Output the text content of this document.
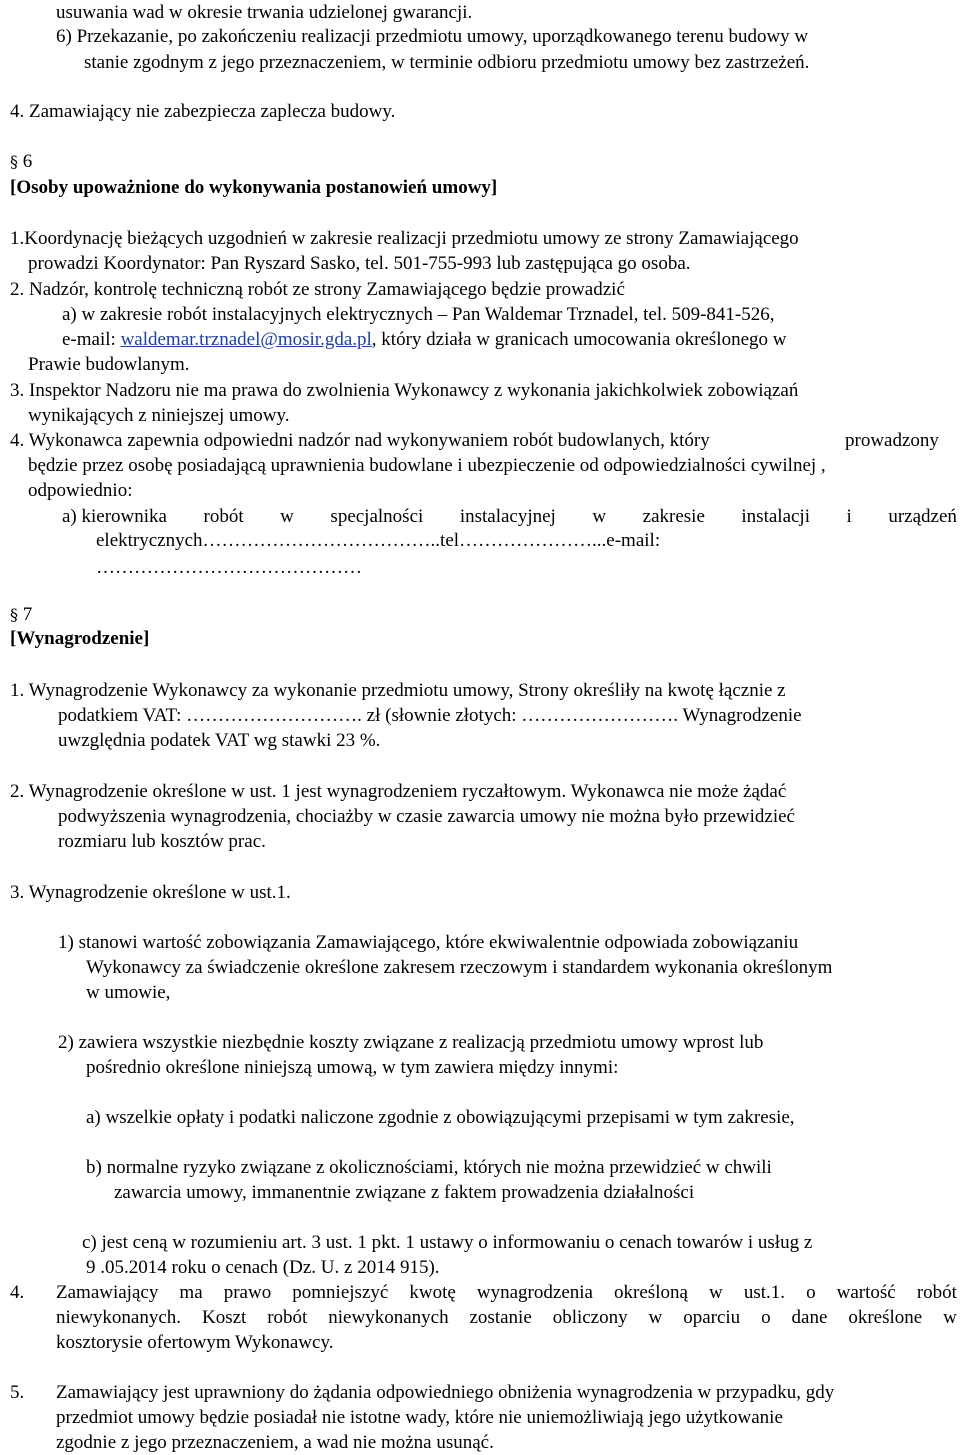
usuwania wad w okresie trwania udzielonej gwarancji.
6) Przekazanie, po zakończeniu realizacji przedmiotu umowy, uporządkowanego terenu budowy w
stanie zgodnym z jego przeznaczeniem, w terminie odbioru przedmiotu umowy bez zastrzeżeń.
4. Zamawiający nie zabezpiecza zaplecza budowy.
§ 6
[Osoby upoważnione do wykonywania postanowień umowy]
1.Koordynację bieżących uzgodnień w zakresie realizacji przedmiotu umowy ze strony Zamawiającego
prowadzi Koordynator: Pan Ryszard Sasko, tel. 501-755-993 lub zastępująca go osoba.
2. Nadzór, kontrolę techniczną robót ze strony Zamawiającego będzie prowadzić
a) w zakresie robót instalacyjnych elektrycznych – Pan Waldemar Trznadel, tel. 509-841-526,
e-mail: waldemar.trznadel@mosir.gda.pl, który działa w granicach umocowania określonego w
Prawie budowlanym.
3. Inspektor Nadzoru nie ma prawa do zwolnienia Wykonawcy z wykonania jakichkolwiek zobowiązań
wynikających z niniejszej umowy.
4. Wykonawca zapewnia odpowiedni nadzór nad wykonywaniem robót budowlanych, który	prowadzony
będzie przez osobę posiadającą uprawnienia budowlane i ubezpieczenie od odpowiedzialności cywilnej ,
odpowiednio:
a) kierownika robót w specjalności instalacyjnej w zakresie instalacji i urządzeń
elektrycznych………………………………..tel…………………...e-mail:
……………………………………
§ 7
[Wynagrodzenie]
1. Wynagrodzenie Wykonawcy za wykonanie przedmiotu umowy, Strony określiły na kwotę łącznie z
podatkiem VAT: ………………………. zł (słownie złotych: ……………………. Wynagrodzenie
uwzględnia podatek VAT wg stawki 23 %.
2. Wynagrodzenie określone w ust. 1 jest wynagrodzeniem ryczałtowym. Wykonawca nie może żądać
podwyższenia wynagrodzenia, chociażby w czasie zawarcia umowy nie można było przewidzieć
rozmiaru lub kosztów prac.
3. Wynagrodzenie określone w ust.1.
1) stanowi wartość zobowiązania Zamawiającego, które ekwiwalentnie odpowiada zobowiązaniu
Wykonawcy za świadczenie określone zakresem rzeczowym i standardem wykonania określonym
w umowie,
2) zawiera wszystkie niezbędnie koszty związane z realizacją przedmiotu umowy wprost lub
pośrednio określone niniejszą umową, w tym zawiera między innymi:
a) wszelkie opłaty i podatki naliczone zgodnie z obowiązującymi przepisami w tym zakresie,
b) normalne ryzyko związane z okolicznościami, których nie można przewidzieć w chwili
zawarcia umowy, immanentnie związane z faktem prowadzenia działalności
c) jest ceną w rozumieniu art. 3 ust. 1 pkt. 1 ustawy o informowaniu o cenach towarów i usług z
9 .05.2014 roku o cenach (Dz. U. z 2014 915).
4. Zamawiający ma prawo pomniejszyć kwotę wynagrodzenia określoną w ust.1. o wartość robót
niewykonanych. Koszt robót niewykonanych zostanie obliczony w oparciu o dane określone w
kosztorysie ofertowym Wykonawcy.
5. Zamawiający jest uprawniony do żądania odpowiedniego obniżenia wynagrodzenia w przypadku, gdy
przedmiot umowy będzie posiadał nie istotne wady, które nie uniemożliwiają jego użytkowanie
zgodnie z jego przeznaczeniem, a wad nie można usunąć.
